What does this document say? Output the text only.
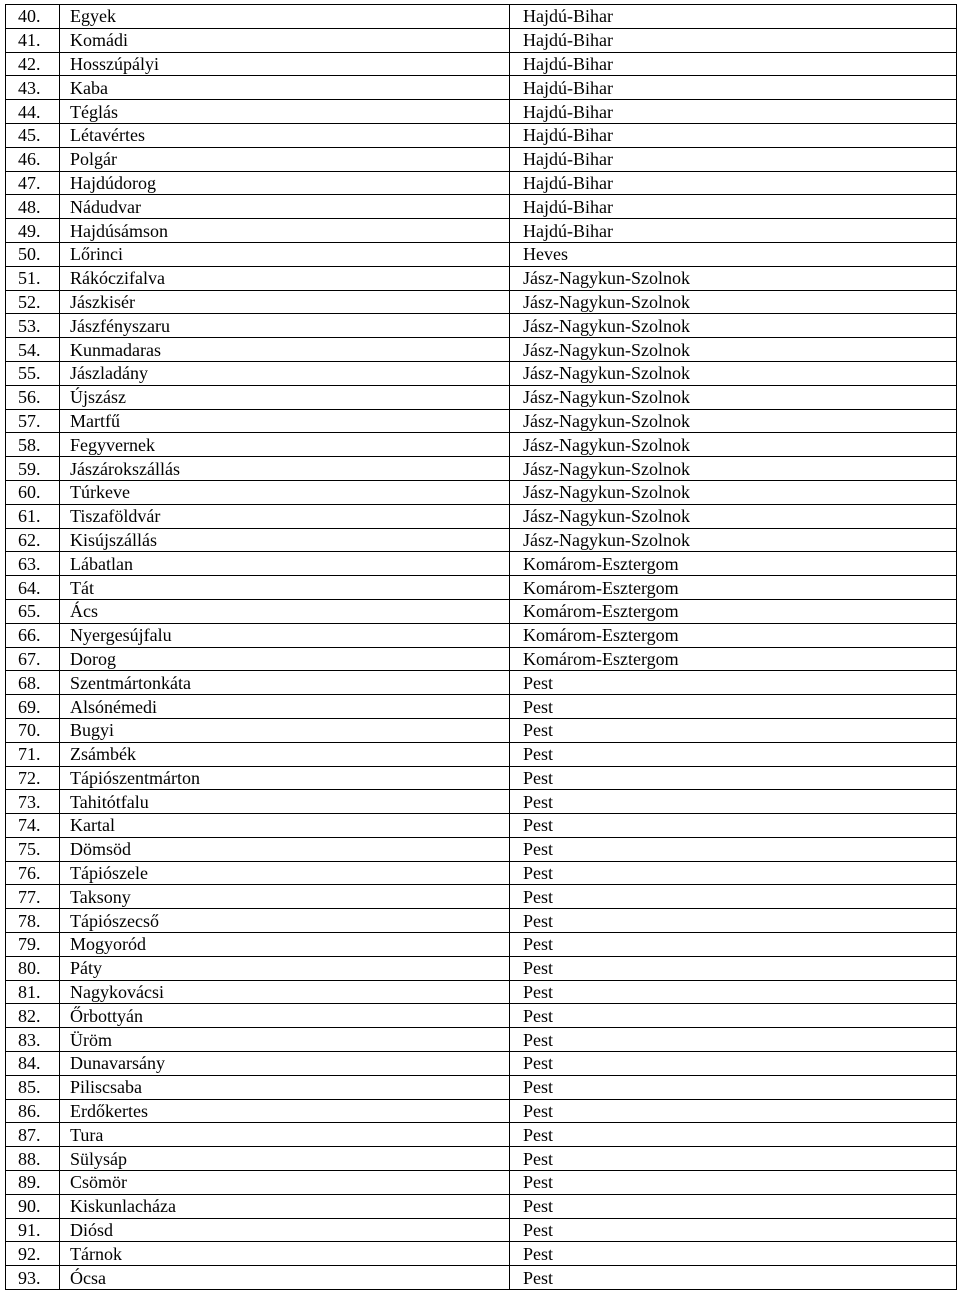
40.	Egyek	Hajdú-Bihar
41.	Komádi	Hajdú-Bihar
42.	Hosszúpályi	Hajdú-Bihar
43.	Kaba	Hajdú-Bihar
44.	Téglás	Hajdú-Bihar
45.	Létavértes	Hajdú-Bihar
46.	Polgár	Hajdú-Bihar
47.	Hajdúdorog	Hajdú-Bihar
48.	Nádudvar	Hajdú-Bihar
49.	Hajdúsámson	Hajdú-Bihar
50.	Lőrinci	Heves
51.	Rákóczifalva	Jász-Nagykun-Szolnok
52.	Jászkisér	Jász-Nagykun-Szolnok
53.	Jászfényszaru	Jász-Nagykun-Szolnok
54.	Kunmadaras	Jász-Nagykun-Szolnok
55.	Jászladány	Jász-Nagykun-Szolnok
56.	Újszász	Jász-Nagykun-Szolnok
57.	Martfű	Jász-Nagykun-Szolnok
58.	Fegyvernek	Jász-Nagykun-Szolnok
59.	Jászárokszállás	Jász-Nagykun-Szolnok
60.	Túrkeve	Jász-Nagykun-Szolnok
61.	Tiszaföldvár	Jász-Nagykun-Szolnok
62.	Kisújszállás	Jász-Nagykun-Szolnok
63.	Lábatlan	Komárom-Esztergom
64.	Tát	Komárom-Esztergom
65.	Ács	Komárom-Esztergom
66.	Nyergesújfalu	Komárom-Esztergom
67.	Dorog	Komárom-Esztergom
68.	Szentmártonkáta	Pest
69.	Alsónémedi	Pest
70.	Bugyi	Pest
71.	Zsámbék	Pest
72.	Tápiószentmárton	Pest
73.	Tahitótfalu	Pest
74.	Kartal	Pest
75.	Dömsöd	Pest
76.	Tápiószele	Pest
77.	Taksony	Pest
78.	Tápiószecső	Pest
79.	Mogyoród	Pest
80.	Páty	Pest
81.	Nagykovácsi	Pest
82.	Őrbottyán	Pest
83.	Üröm	Pest
84.	Dunavarsány	Pest
85.	Piliscsaba	Pest
86.	Erdőkertes	Pest
87.	Tura	Pest
88.	Sülysáp	Pest
89.	Csömör	Pest
90.	Kiskunlacháza	Pest
91.	Diósd	Pest
92.	Tárnok	Pest
93.	Ócsa	Pest
